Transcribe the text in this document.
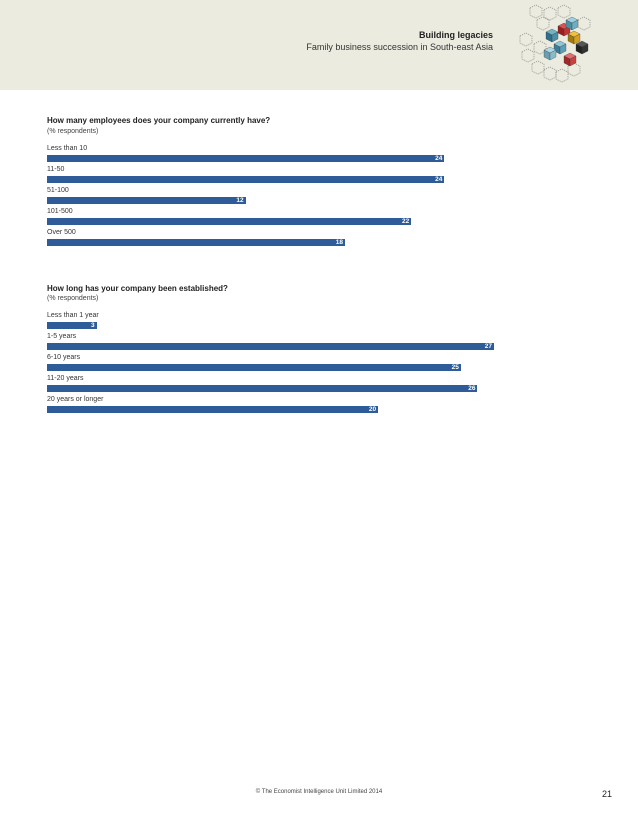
Building legacies
Family business succession in South-east Asia
How many employees does your company currently have?
(% respondents)
Less than 10
24
11-50
24
51-100
12
101-500
22
Over 500
18
How long has your company been established?
(% respondents)
Less than 1 year
3
1-5 years
27
6-10 years
25
11-20 years
26
20 years or longer
20
© The Economist Intelligence Unit Limited 2014	21
